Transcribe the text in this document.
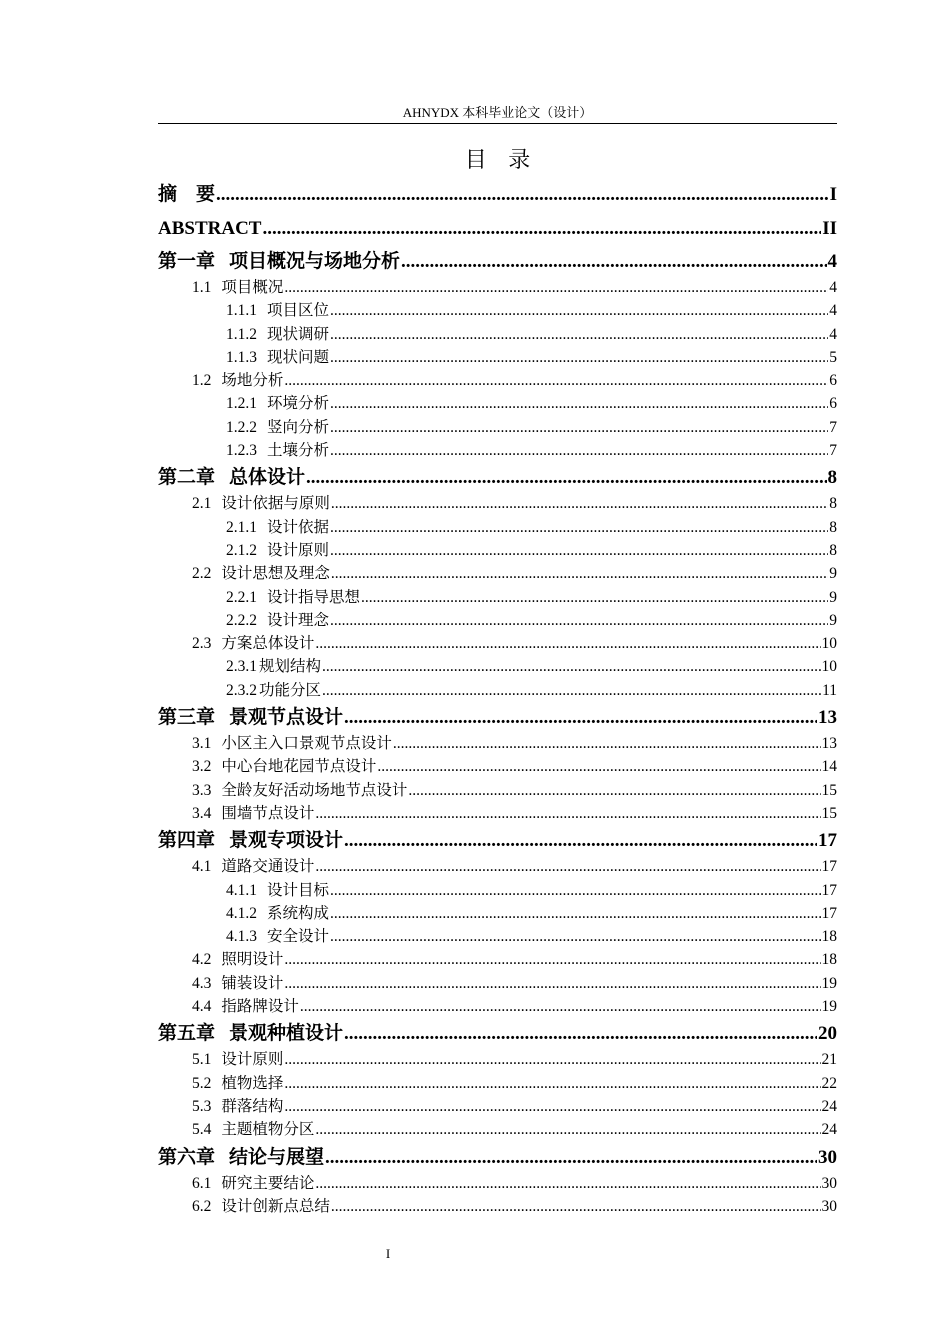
AHNYDX 本科毕业论文（设计）
目 录
摘　要 .....	I
ABSTRACT .....	II
第一章 项目概况与场地分析 .....	4
1.1 项目概况 .....	4
1.1.1 项目区位 .....	4
1.1.2 现状调研 .....	4
1.1.3 现状问题 .....	5
1.2 场地分析 .....	6
1.2.1 环境分析 .....	6
1.2.2 竖向分析 .....	7
1.2.3 土壤分析 .....	7
第二章 总体设计 .....	8
2.1 设计依据与原则 .....	8
2.1.1 设计依据 .....	8
2.1.2 设计原则 .....	8
2.2 设计思想及理念 .....	9
2.2.1 设计指导思想 .....	9
2.2.2 设计理念 .....	9
2.3 方案总体设计 .....	10
2.3.1 规划结构 .....	10
2.3.2 功能分区 .....	11
第三章 景观节点设计 .....	13
3.1 小区主入口景观节点设计 .....	13
3.2 中心台地花园节点设计 .....	14
3.3 全龄友好活动场地节点设计 .....	15
3.4 围墙节点设计 .....	15
第四章 景观专项设计 .....	17
4.1 道路交通设计 .....	17
4.1.1 设计目标 .....	17
4.1.2 系统构成 .....	17
4.1.3 安全设计 .....	18
4.2 照明设计 .....	18
4.3 铺装设计 .....	19
4.4 指路牌设计 .....	19
第五章 景观种植设计 .....	20
5.1 设计原则 .....	21
5.2 植物选择 .....	22
5.3 群落结构 .....	24
5.4 主题植物分区 .....	24
第六章 结论与展望 .....	30
6.1 研究主要结论 .....	30
6.2 设计创新点总结 .....	30
I
